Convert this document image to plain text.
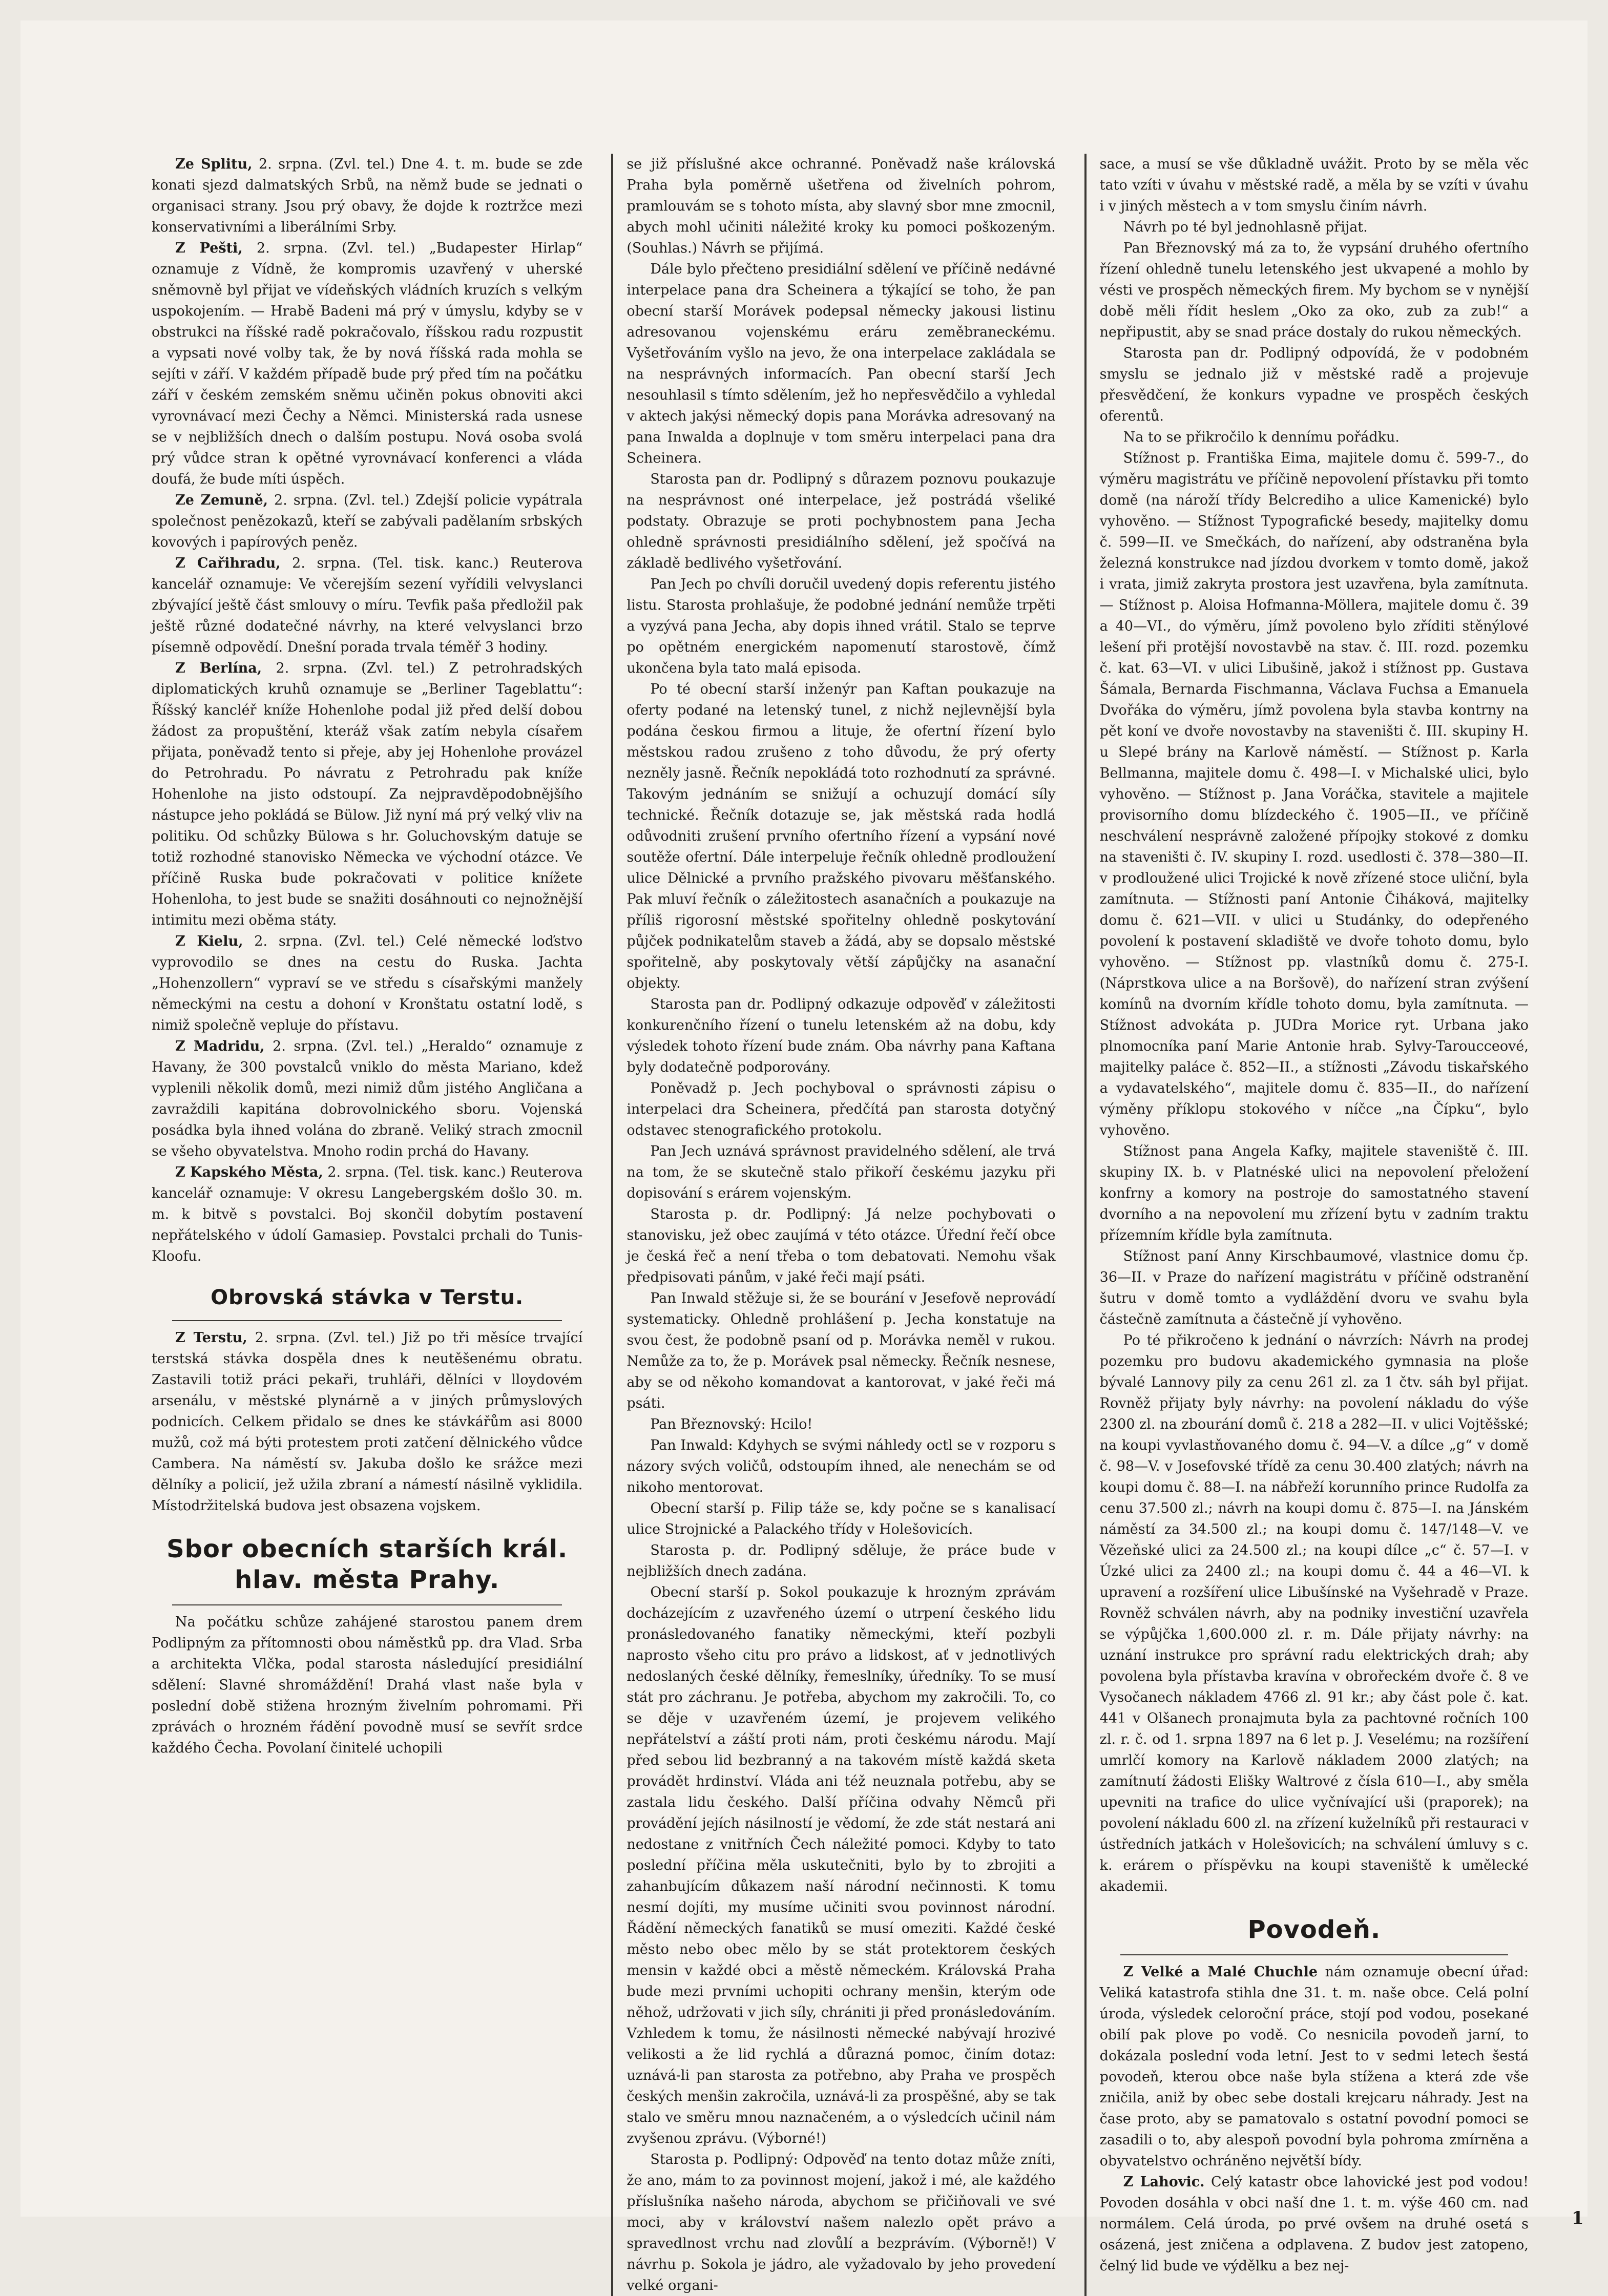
Ze Splitu, 2. srpna. (Zvl. tel.) Dne 4. t. m. bude se zde konati sjezd dalmatských Srbů, na němž bude se jednati o organisaci strany. Jsou prý obavy, že dojde k roztržce mezi konservativními a liberálními Srby.

Z Pešti, 2. srpna. (Zvl. tel.) „Budapester Hirlap“ oznamuje z Vídně, že kompromis uzavřený v uherské sněmovně byl přijat ve vídeňských vládních kruzích s velkým uspokojením. — Hrabě Badeni má prý v úmyslu, kdyby se v obstrukci na říšské radě pokračovalo, říšskou radu rozpustit a vypsati nové volby tak, že by nová říšská rada mohla se sejíti v září. V každém případě bude prý před tím na počátku září v českém zemském sněmu učiněn pokus obnoviti akci vyrovnávací mezi Čechy a Němci. Ministerská rada usnese se v nejbližších dnech o dalším postupu. Nová osoba svolá prý vůdce stran k opětné vyrovnávací konferenci a vláda doufá, že bude míti úspěch.

Ze Zemuně, 2. srpna. (Zvl. tel.) Zdejší policie vypátrala společnost penězokazů, kteří se zabývali padělaním srbských kovových i papírových peněz.

Z Cařihradu, 2. srpna. (Tel. tisk. kanc.) Reuterova kancelář oznamuje: Ve včerejším sezení vyřídili velvyslanci zbývající ještě část smlouvy o míru. Tevfik paša předložil pak ještě různé dodatečné návrhy, na které velvyslanci brzo písemně odpovědí. Dnešní porada trvala téměř 3 hodiny.

Z Berlína, 2. srpna. (Zvl. tel.) Z petrohradských diplomatických kruhů oznamuje se „Berliner Tageblattu“: Říšský kancléř kníže Hohenlohe podal již před delší dobou žádost za propuštění, kteráž však zatím nebyla císařem přijata, poněvadž tento si přeje, aby jej Hohenlohe provázel do Petrohradu. Po návratu z Petrohradu pak kníže Hohenlohe na jisto odstoupí. Za nejpravděpodobnějšího nástupce jeho pokládá se Bülow. Již nyní má prý velký vliv na politiku. Od schůzky Bülowa s hr. Goluchovským datuje se totiž rozhodné stanovisko Německa ve východní otázce. Ve příčině Ruska bude pokračovati v politice knížete Hohenloha, to jest bude se snažiti dosáhnouti co nejnožnější intimitu mezi oběma státy.

Z Kielu, 2. srpna. (Zvl. tel.) Celé německé loďstvo vyprovodilo se dnes na cestu do Ruska. Jachta „Hohenzollern“ vypraví se ve středu s císařskými manžely německými na cestu a dohoní v Kronštatu ostatní lodě, s nimiž společně vepluje do přístavu.

Z Madridu, 2. srpna. (Zvl. tel.) „Heraldo“ oznamuje z Havany, že 300 povstalců vniklo do města Mariano, kdež vyplenili několik domů, mezi nimiž dům jistého Angličana a zavraždili kapitána dobrovolnického sboru. Vojenská posádka byla ihned volána do zbraně. Veliký strach zmocnil se všeho obyvatelstva. Mnoho rodin prchá do Havany.

Z Kapského Města, 2. srpna. (Tel. tisk. kanc.) Reuterova kancelář oznamuje: V okresu Langebergském došlo 30. m. m. k bitvě s povstalci. Boj skončil dobytím postavení nepřátelského v údolí Gamasiep. Povstalci prchali do Tunis-Kloofu.

Obrovská stávka v Terstu.

Z Terstu, 2. srpna. (Zvl. tel.) Již po tři měsíce trvající terstská stávka dospěla dnes k neutěšenému obratu. Zastavili totiž práci pekaři, truhláři, dělníci v lloydovém arsenálu, v městské plynárně a v jiných průmyslových podnicích. Celkem přidalo se dnes ke stávkářům asi 8000 mužů, což má býti protestem proti zatčení dělnického vůdce Cambera. Na náměstí sv. Jakuba došlo ke srážce mezi dělníky a policií, jež užila zbraní a námestí násilně vyklidila. Místodržitelská budova jest obsazena vojskem.

Sbor obecních starších král. hlav. města Prahy.

Na počátku schůze zahájené starostou panem drem Podlipným za přítomnosti obou náměstků pp. dra Vlad. Srba a architekta Vlčka, podal starosta následující presidiální sdělení: Slavné shromáždění! Drahá vlast naše byla v poslední době stižena hrozným živelním pohromami. Při zprávách o hrozném řádění povodně musí se sevřít srdce každého Čecha. Povolaní činitelé uchopili

se již příslušné akce ochranné. Poněvadž naše královská Praha byla poměrně ušetřena od živelních pohrom, pramlouvám se s tohoto místa, aby slavný sbor mne zmocnil, abych mohl učiniti náležité kroky ku pomoci poškozeným. (Souhlas.) Návrh se přijímá.

Dále bylo přečteno presidiální sdělení ve příčině nedávné interpelace pana dra Scheinera a týkající se toho, že pan obecní starší Morávek podepsal německy jakousi listinu adresovanou vojenskému eráru zeměbraneckému. Vyšetřováním vyšlo na jevo, že ona interpelace zakládala se na nesprávných informacích. Pan obecní starší Jech nesouhlasil s tímto sdělením, jež ho nepřesvědčilo a vyhledal v aktech jakýsi německý dopis pana Morávka adresovaný na pana Inwalda a doplnuje v tom směru interpelaci pana dra Scheinera.

Starosta pan dr. Podlipný s důrazem poznovu poukazuje na nesprávnost oné interpelace, jež postrádá všeliké podstaty. Obrazuje se proti pochybnostem pana Jecha ohledně správnosti presidiálního sdělení, jež spočívá na základě bedlivého vyšetřování.

Pan Jech po chvíli doručil uvedený dopis referentu jistého listu. Starosta prohlašuje, že podobné jednání nemůže trpěti a vyzývá pana Jecha, aby dopis ihned vrátil. Stalo se teprve po opětném energickém napomenutí starostově, čímž ukončena byla tato malá episoda.

Po té obecní starší inženýr pan Kaftan poukazuje na oferty podané na letenský tunel, z nichž nejlevnější byla podána českou firmou a lituje, že ofertní řízení bylo městskou radou zrušeno z toho důvodu, že prý oferty nezněly jasně. Řečník nepokládá toto rozhodnutí za správné. Takovým jednáním se snižují a ochuzují domácí síly technické. Řečník dotazuje se, jak městská rada hodlá odůvodniti zrušení prvního ofertního řízení a vypsání nové soutěže ofertní. Dále interpeluje řečník ohledně prodloužení ulice Dělnické a prvního pražského pivovaru měšťanského. Pak mluví řečník o záležitostech asanačních a poukazuje na příliš rigorosní městské spořitelny ohledně poskytování půjček podnikatelům staveb a žádá, aby se dopsalo městské spořitelně, aby poskytovaly větší zápůjčky na asanační objekty.

Starosta pan dr. Podlipný odkazuje odpověď v záležitosti konkurenčního řízení o tunelu letenském až na dobu, kdy výsledek tohoto řízení bude znám. Oba návrhy pana Kaftana byly dodatečně podporovány.

Poněvadž p. Jech pochyboval o správnosti zápisu o interpelaci dra Scheinera, předčítá pan starosta dotyčný odstavec stenografického protokolu.

Pan Jech uznává správnost pravidelného sdělení, ale trvá na tom, že se skutečně stalo přikoří českému jazyku při dopisování s erárem vojenským.

Starosta p. dr. Podlipný: Já nelze pochybovati o stanovisku, jež obec zaujímá v této otázce. Úřední řečí obce je česká řeč a není třeba o tom debatovati. Nemohu však předpisovati pánům, v jaké řeči mají psáti.

Pan Inwald stěžuje si, že se bourání v Jesefově neprovádí systematicky. Ohledně prohlášení p. Jecha konstatuje na svou čest, že podobně psaní od p. Morávka neměl v rukou. Nemůže za to, že p. Morávek psal německy. Řečník nesnese, aby se od někoho komandovat a kantorovat, v jaké řeči má psáti.

Pan Březnovský: Hcilo!

Pan Inwald: Kdyhych se svými náhledy octl se v rozporu s názory svých voličů, odstoupím ihned, ale nenechám se od nikoho mentorovat.

Obecní starší p. Filip táže se, kdy počne se s kanalisací ulice Strojnické a Palackého třídy v Holešovicích.

Starosta p. dr. Podlipný sděluje, že práce bude v nejbližších dnech zadána.

Obecní starší p. Sokol poukazuje k hrozným zprávám docházejícím z uzavřeného území o utrpení českého lidu pronásledovaného fanatiky německými, kteří pozbyli naprosto všeho citu pro právo a lidskost, ať v jednotlivých nedoslaných české dělníky, řemeslníky, úředníky. To se musí stát pro záchranu. Je potřeba, abychom my zakročili. To, co se děje v uzavřeném území, je projevem velikého nepřátelství a záští proti nám, proti českému národu. Mají před sebou lid bezbranný a na takovém místě každá sketa provádět hrdinství. Vláda ani též neuznala potřebu, aby se zastala lidu českého. Další příčina odvahy Němců při provádění jejích násilností je vědomí, že zde stát nestará ani nedostane z vnitřních Čech náležité pomoci. Kdyby to tato poslední příčina měla uskutečniti, bylo by to zbrojiti a zahanbujícím důkazem naší národní nečinnosti. K tomu nesmí dojíti, my musíme učiniti svou povinnost národní. Řádění německých fanatiků se musí omeziti. Každé české město nebo obec mělo by se stát protektorem českých mensin v každé obci a městě německém. Královská Praha bude mezi prvními uchopiti ochrany menšin, kterým ode něhož, udržovati v jich síly, chrániti ji před pronásledováním. Vzhledem k tomu, že násilnosti německé nabývají hrozivé velikosti a že lid rychlá a důrazná pomoc, činím dotaz: uznává-li pan starosta za potřebno, aby Praha ve prospěch českých menšin zakročila, uznává-li za prospěšné, aby se tak stalo ve směru mnou naznačeném, a o výsledcích učinil nám zvyšenou zprávu. (Výborné!)

Starosta p. Podlipný: Odpověď na tento dotaz může zníti, že ano, mám to za povinnost mojení, jakož i mé, ale každého příslušníka našeho národa, abychom se přičiňovali ve své moci, aby v království našem nalezlo opět právo a spravedlnost vrchu nad zlovůlí a bezprávím. (Výborně!) V návrhu p. Sokola je jádro, ale vyžadovalo by jeho provedení velké organi-

sace, a musí se vše důkladně uvážit. Proto by se měla věc tato vzíti v úvahu v městské radě, a měla by se vzíti v úvahu i v jiných městech a v tom smyslu činím návrh.

Návrh po té byl jednohlasně přijat.

Pan Březnovský má za to, že vypsání druhého ofertního řízení ohledně tunelu letenského jest ukvapené a mohlo by vésti ve prospěch německých firem. My bychom se v nynější době měli řídit heslem „Oko za oko, zub za zub!“ a nepřipustit, aby se snad práce dostaly do rukou německých.

Starosta pan dr. Podlipný odpovídá, že v podobném smyslu se jednalo již v městské radě a projevuje přesvědčení, že konkurs vypadne ve prospěch českých oferentů.

Na to se přikročilo k dennímu pořádku.

Stížnost p. Františka Eima, majitele domu č. 599-7., do výměru magistrátu ve příčině nepovolení přístavku při tomto domě (na nároží třídy Belcrediho a ulice Kamenické) bylo vyhověno. — Stížnost Typografické besedy, majitelky domu č. 599—II. ve Smečkách, do nařízení, aby odstraněna byla železná konstrukce nad jízdou dvorkem v tomto domě, jakož i vrata, jimiž zakryta prostora jest uzavřena, byla zamítnuta. — Stížnost p. Aloisa Hofmanna-Möllera, majitele domu č. 39 a 40—VI., do výměru, jímž povoleno bylo zříditi stěnýlové lešení při protější novostavbě na stav. č. III. rozd. pozemku č. kat. 63—VI. v ulici Libušině, jakož i stížnost pp. Gustava Šámala, Bernarda Fischmanna, Václava Fuchsa a Emanuela Dvořáka do výměru, jímž povolena byla stavba kontrny na pět koní ve dvoře novostavby na staveništi č. III. skupiny H. u Slepé brány na Karlově náměstí. — Stížnost p. Karla Bellmanna, majitele domu č. 498—I. v Michalské ulici, bylo vyhověno. — Stížnost p. Jana Voráčka, stavitele a majitele provisorního domu blízdeckého č. 1905—II., ve příčině neschválení nesprávně založené přípojky stokové z domku na staveništi č. IV. skupiny I. rozd. usedlosti č. 378—380—II. v prodloužené ulici Trojické k nově zřízené stoce uliční, byla zamítnuta. — Stížnosti paní Antonie Čiháková, majitelky domu č. 621—VII. v ulici u Studánky, do odepřeného povolení k postavení skladiště ve dvoře tohoto domu, bylo vyhověno. — Stížnost pp. vlastníků domu č. 275-I. (Náprstkova ulice a na Boršově), do nařízení stran zvýšení komínů na dvorním křídle tohoto domu, byla zamítnuta. — Stížnost advokáta p. JUDra Morice ryt. Urbana jako plnomocníka paní Marie Antonie hrab. Sylvy-Taroucceové, majitelky paláce č. 852—II., a stížnosti „Závodu tiskařského a vydavatelského“, majitele domu č. 835—II., do nařízení výměny příklopu stokového v níčce „na Čípku“, bylo vyhověno.

Stížnost pana Angela Kafky, majitele staveniště č. III. skupiny IX. b. v Platnéské ulici na nepovolení přeložení konfrny a komory na postroje do samostatného stavení dvorního a na nepovolení mu zřízení bytu v zadním traktu přízemním křídle byla zamítnuta.

Stížnost paní Anny Kirschbaumové, vlastnice domu čp. 36—II. v Praze do nařízení magistrátu v příčině odstranění šutru v domě tomto a vydláždění dvoru ve svahu byla částečně zamítnuta a částečně jí vyhověno.

Po té přikročeno k jednání o návrzích: Návrh na prodej pozemku pro budovu akademického gymnasia na ploše bývalé Lannovy pily za cenu 261 zl. za 1 čtv. sáh byl přijat. Rovněž přijaty byly návrhy: na povolení nákladu do výše 2300 zl. na zbourání domů č. 218 a 282—II. v ulici Vojtěšské; na koupi vyvlastňovaného domu č. 94—V. a dílce „g“ v domě č. 98—V. v Josefovské třídě za cenu 30.400 zlatých; návrh na koupi domu č. 88—I. na nábřeží korunního prince Rudolfa za cenu 37.500 zl.; návrh na koupi domu č. 875—I. na Jánském náměstí za 34.500 zl.; na koupi domu č. 147/148—V. ve Vězeňské ulici za 24.500 zl.; na koupi dílce „c“ č. 57—I. v Úzké ulici za 2400 zl.; na koupi domu č. 44 a 46—VI. k upravení a rozšíření ulice Libušínské na Vyšehradě v Praze. Rovněž schválen návrh, aby na podniky investiční uzavřela se výpůjčka 1,600.000 zl. r. m. Dále přijaty návrhy: na uznání instrukce pro správní radu elektrických drah; aby povolena byla přístavba kravína v obrořeckém dvoře č. 8 ve Vysočanech nákladem 4766 zl. 91 kr.; aby část pole č. kat. 441 v Olšanech pronajmuta byla za pachtovné ročních 100 zl. r. č. od 1. srpna 1897 na 6 let p. J. Veselému; na rozšíření umrlčí komory na Karlově nákladem 2000 zlatých; na zamítnutí žádosti Elišky Waltrové z čísla 610—I., aby směla upevniti na trafice do ulice vyčnívající uši (praporek); na povolení nákladu 600 zl. na zřízení kuželníků při restauraci v ústředních jatkách v Holešovicích; na schválení úmluvy s c. k. erárem o příspěvku na koupi staveniště k umělecké akademii.

Povodeň.

Z Velké a Malé Chuchle nám oznamuje obecní úřad: Veliká katastrofa stihla dne 31. t. m. naše obce. Celá polní úroda, výsledek celoroční práce, stojí pod vodou, posekané obilí pak plove po vodě. Co nesnicila povodeň jarní, to dokázala poslední voda letní. Jest to v sedmi letech šestá povodeň, kterou obce naše byla stížena a která zde vše zničila, aniž by obec sebe dostali krejcaru náhrady. Jest na čase proto, aby se pamatovalo s ostatní povodní pomoci se zasadili o to, aby alespoň povodní byla pohroma zmírněna a obyvatelstvo ochráněno největší bídy.

Z Lahovic. Celý katastr obce lahovické jest pod vodou! Povoden dosáhla v obci naší dne 1. t. m. výše 460 cm. nad normálem. Celá úroda, po prvé ovšem na druhé osetá s osázená, jest zničena a odplavena. Z budov jest zatopeno, čelný lid bude ve výdělku a bez nej-

1
